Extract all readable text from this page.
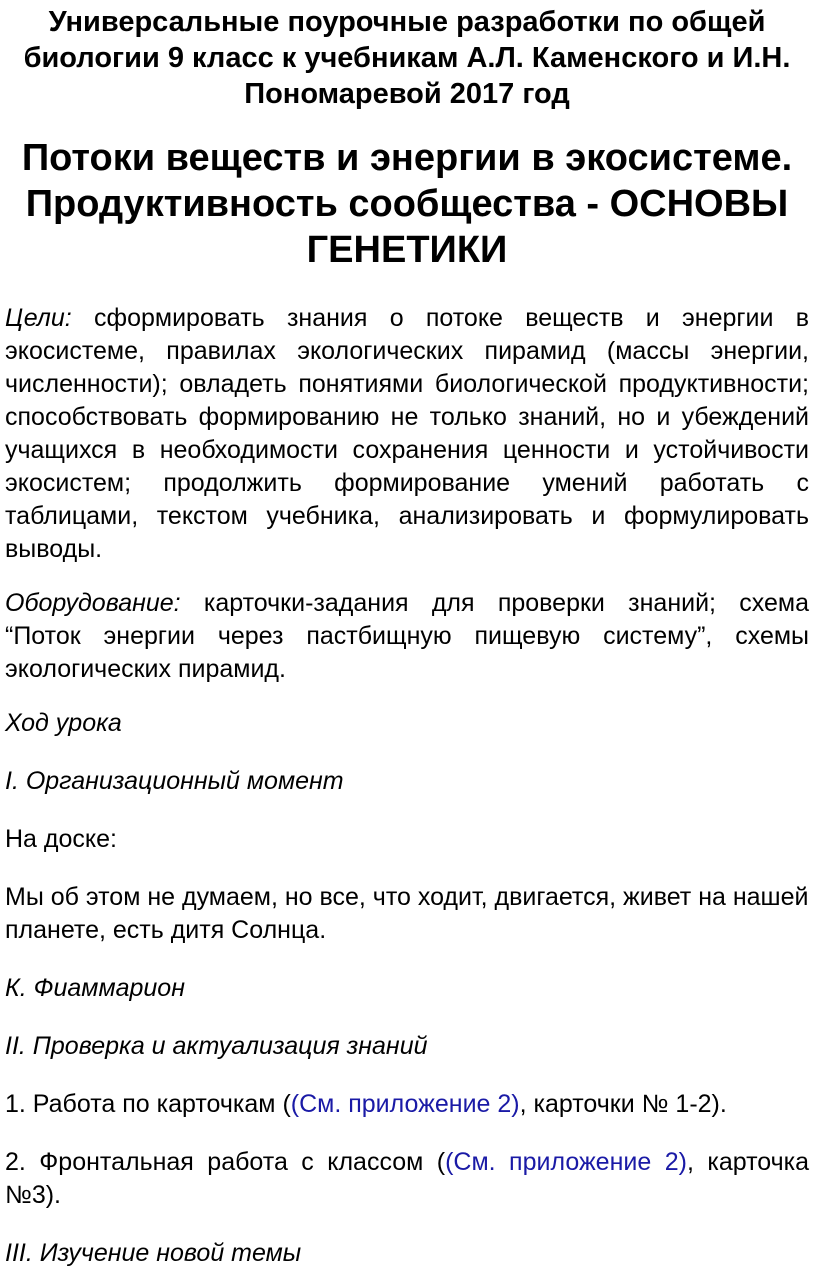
Универсальные поурочные разработки по общей биологии 9 класс к учебникам А.Л. Каменского и И.Н. Пономаревой 2017 год
Потоки веществ и энергии в экосистеме. Продуктивность сообщества - ОСНОВЫ ГЕНЕТИКИ

Цели: сформировать знания о потоке веществ и энергии в экосистеме, правилах экологических пирамид (массы энергии, численности); овладеть понятиями биологической продуктивности; способствовать формированию не только знаний, но и убеждений учащихся в необходимости сохранения ценности и устойчивости экосистем; продолжить формирование умений работать с таблицами, текстом учебника, анализировать и формулировать выводы.

Оборудование: карточки-задания для проверки знаний; схема “Поток энергии через пастбищную пищевую систему”, схемы экологических пирамид.

Ход урока

I. Организационный момент

На доске:

Мы об этом не думаем, но все, что ходит, двигается, живет на нашей планете, есть дитя Солнца.

К. Фиаммарион

II. Проверка и актуализация знаний

1. Работа по карточкам ((См. приложение 2), карточки № 1-2).

2. Фронтальная работа с классом ((См. приложение 2), карточка №3).

III. Изучение новой темы
